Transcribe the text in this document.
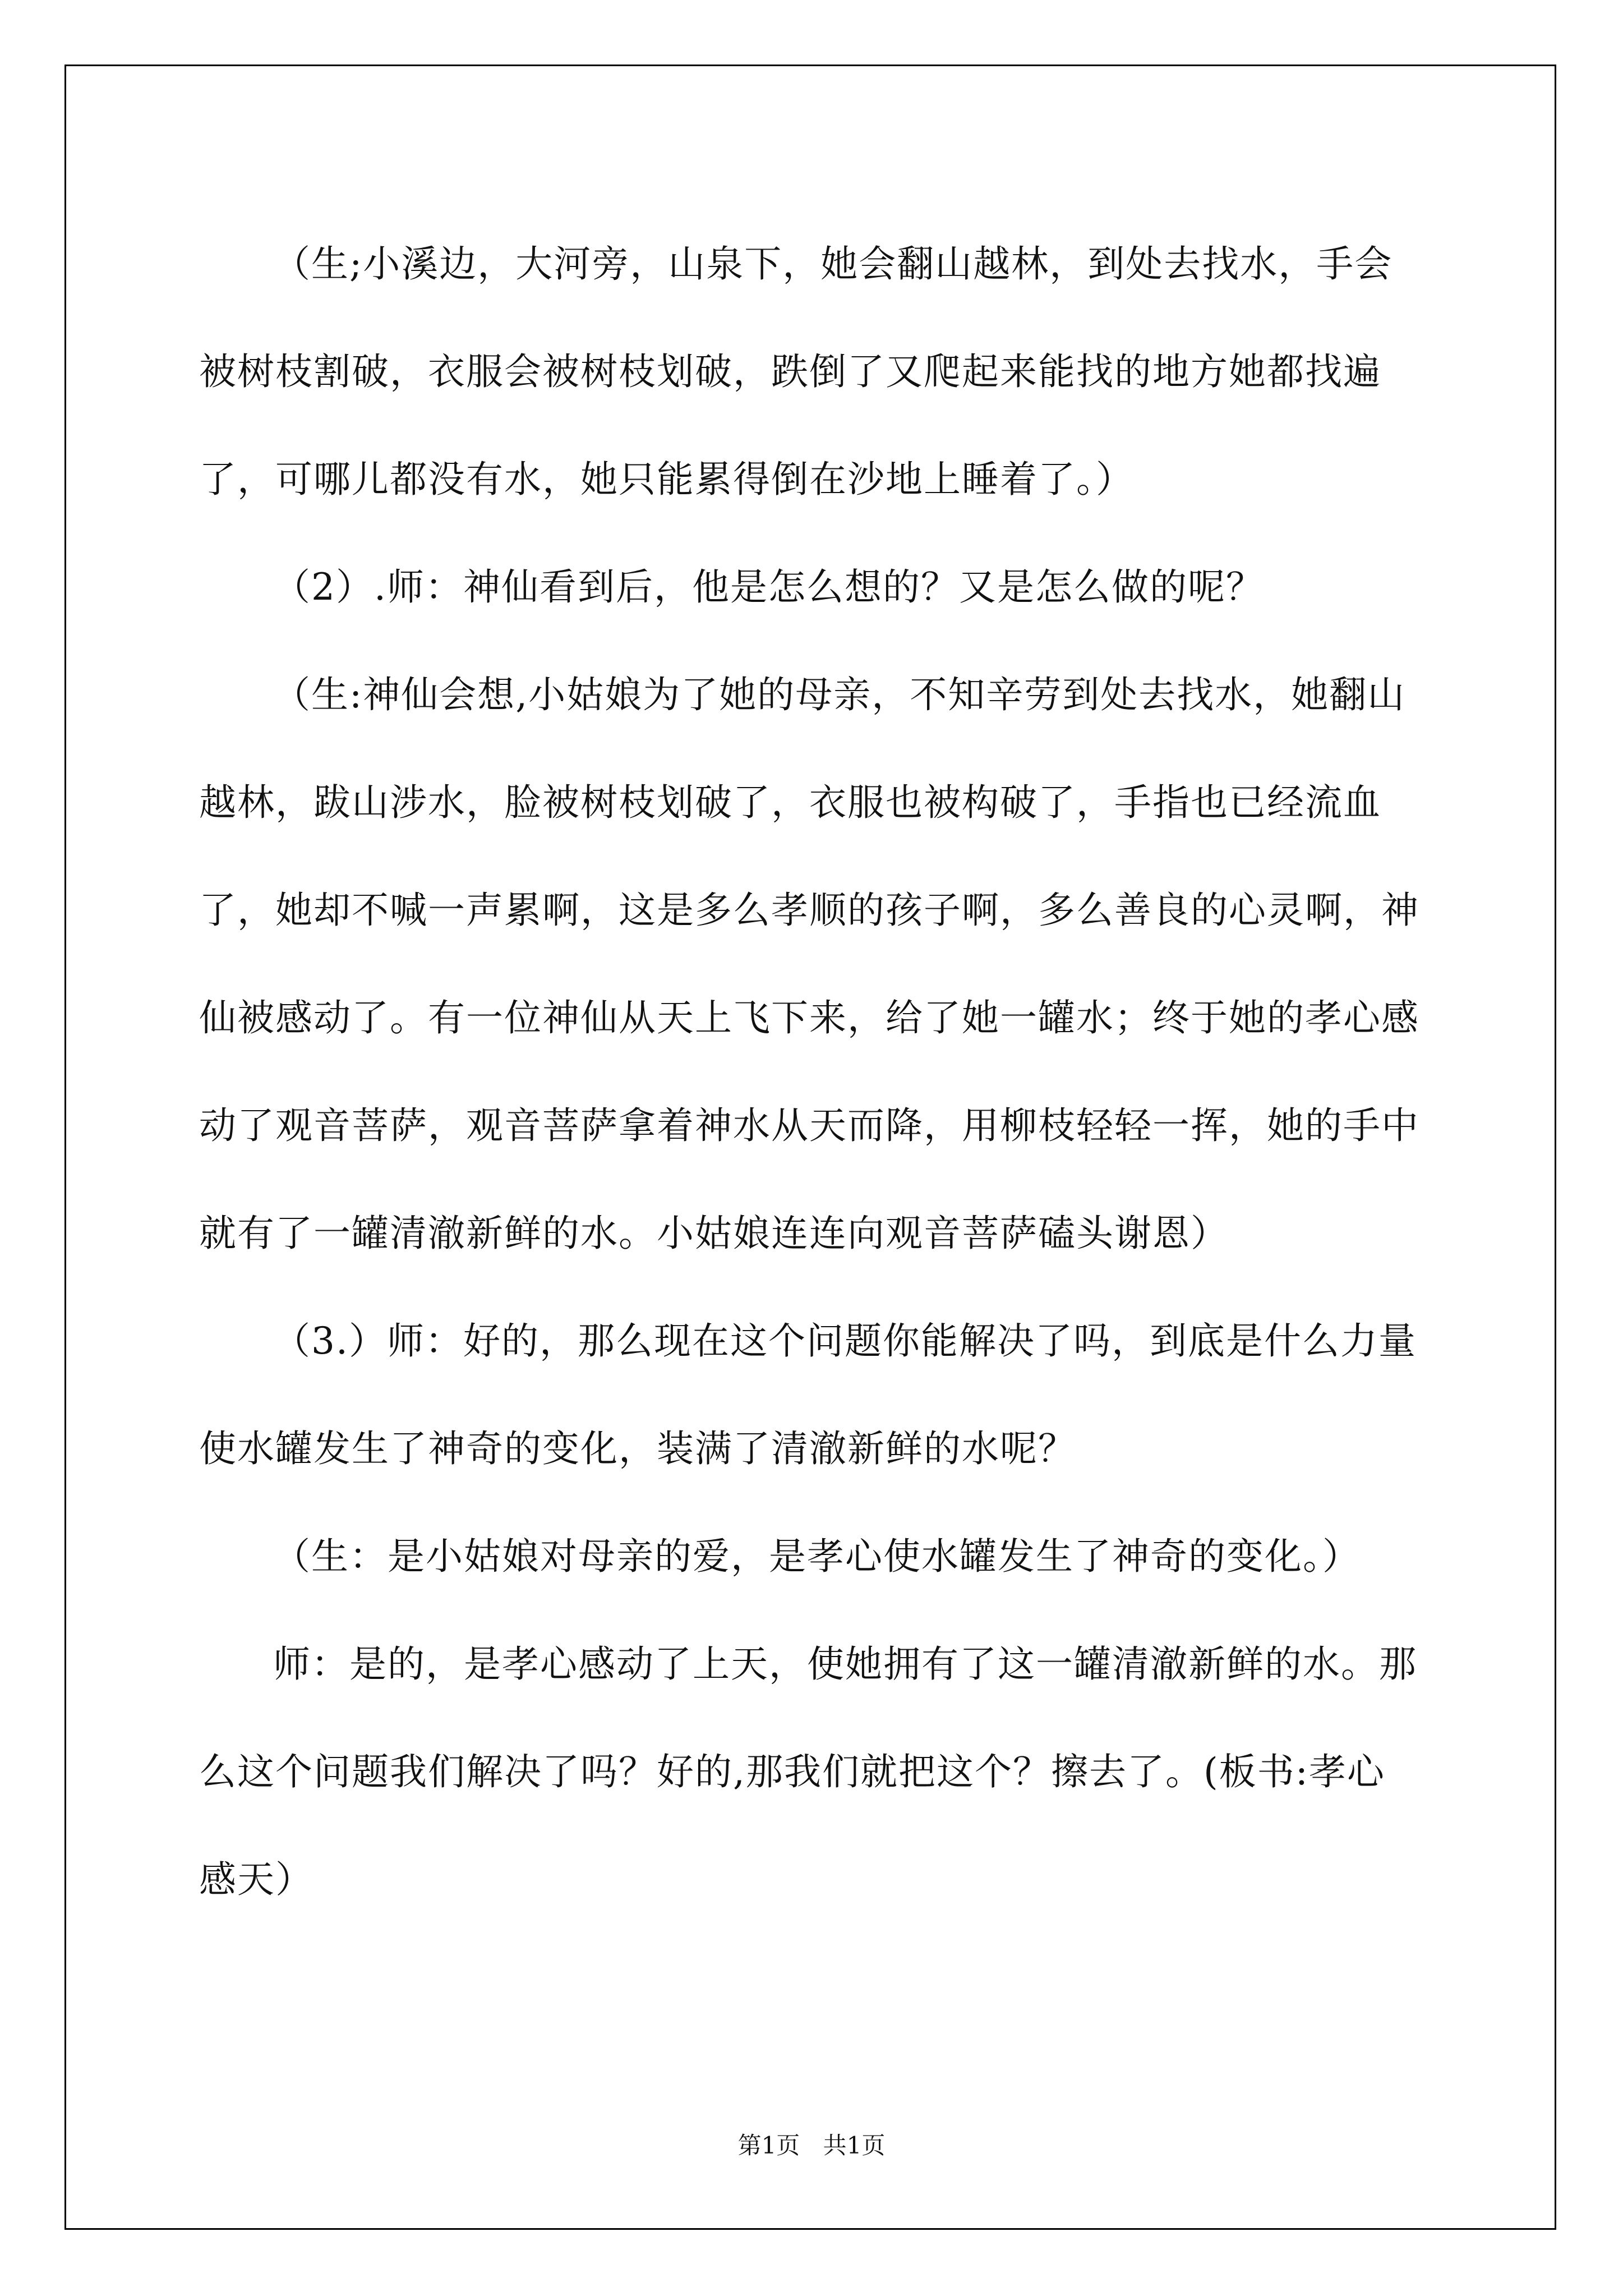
（生;小溪边，大河旁，山泉下，她会翻山越林，到处去找水，手会被树枝割破，衣服会被树枝划破，跌倒了又爬起来能找的地方她都找遍了，可哪儿都没有水，她只能累得倒在沙地上睡着了。）

（2）.师：神仙看到后，他是怎么想的？又是怎么做的呢？

（生:神仙会想,小姑娘为了她的母亲，不知辛劳到处去找水，她翻山越林，跋山涉水，脸被树枝划破了，衣服也被构破了，手指也已经流血了，她却不喊一声累啊，这是多么孝顺的孩子啊，多么善良的心灵啊，神仙被感动了。有一位神仙从天上飞下来，给了她一罐水；终于她的孝心感动了观音菩萨，观音菩萨拿着神水从天而降，用柳枝轻轻一挥，她的手中就有了一罐清澈新鲜的水。小姑娘连连向观音菩萨磕头谢恩）

（3.）师：好的，那么现在这个问题你能解决了吗，到底是什么力量使水罐发生了神奇的变化，装满了清澈新鲜的水呢？

（生：是小姑娘对母亲的爱，是孝心使水罐发生了神奇的变化。）

师：是的，是孝心感动了上天，使她拥有了这一罐清澈新鲜的水。那么这个问题我们解决了吗？好的,那我们就把这个？擦去了。(板书:孝心感天）

第1页 共1页
